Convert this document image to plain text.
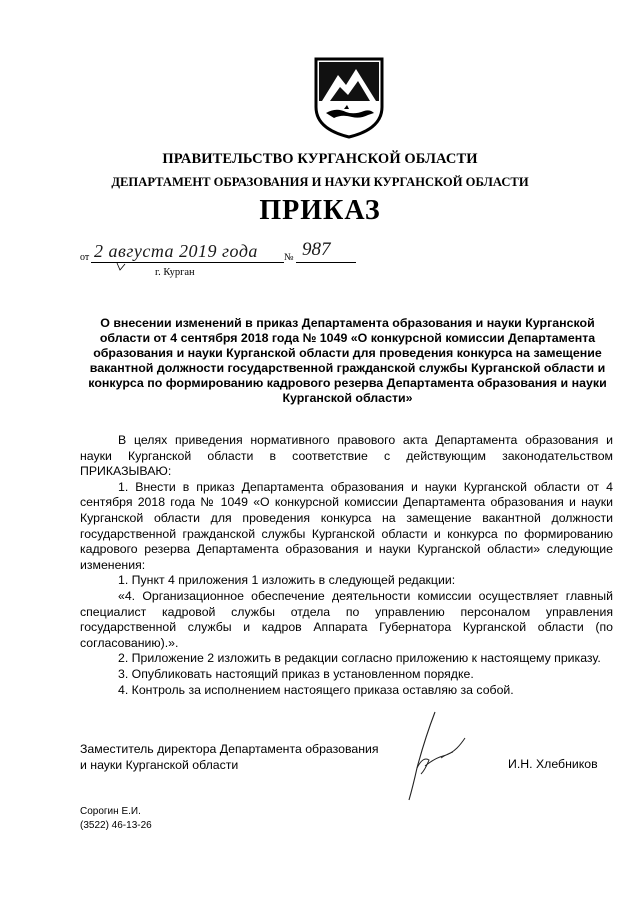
ПРАВИТЕЛЬСТВО КУРГАНСКОЙ ОБЛАСТИ
ДЕПАРТАМЕНТ ОБРАЗОВАНИЯ И НАУКИ КУРГАНСКОЙ ОБЛАСТИ
ПРИКАЗ
от 2 августа 2019 года	№ 987
г. Курган
О внесении изменений в приказ Департамента образования и науки Курганской области от 4 сентября 2018 года № 1049 «О конкурсной комиссии Департамента образования и науки Курганской области для проведения конкурса на замещение вакантной должности государственной гражданской службы Курганской области и конкурса по формированию кадрового резерва Департамента образования и науки Курганской области»

В целях приведения нормативного правового акта Департамента образования и науки Курганской области в соответствие с действующим законодательством ПРИКАЗЫВАЮ:

1. Внести в приказ Департамента образования и науки Курганской области от 4 сентября 2018 года № 1049 «О конкурсной комиссии Департамента образования и науки Курганской области для проведения конкурса на замещение вакантной должности государственной гражданской службы Курганской области и конкурса по формированию кадрового резерва Департамента образования и науки Курганской области» следующие изменения:

1. Пункт 4 приложения 1 изложить в следующей редакции:

«4. Организационное обеспечение деятельности комиссии осуществляет главный специалист кадровой службы отдела по управлению персоналом управления государственной службы и кадров Аппарата Губернатора Курганской области (по согласованию).».

2. Приложение 2 изложить в редакции согласно приложению к настоящему приказу.

3. Опубликовать настоящий приказ в установленном порядке.

4. Контроль за исполнением настоящего приказа оставляю за собой.

Заместитель директора Департамента образования
и науки Курганской области	И.Н. Хлебников
Сорогин Е.И.
(3522) 46-13-26
